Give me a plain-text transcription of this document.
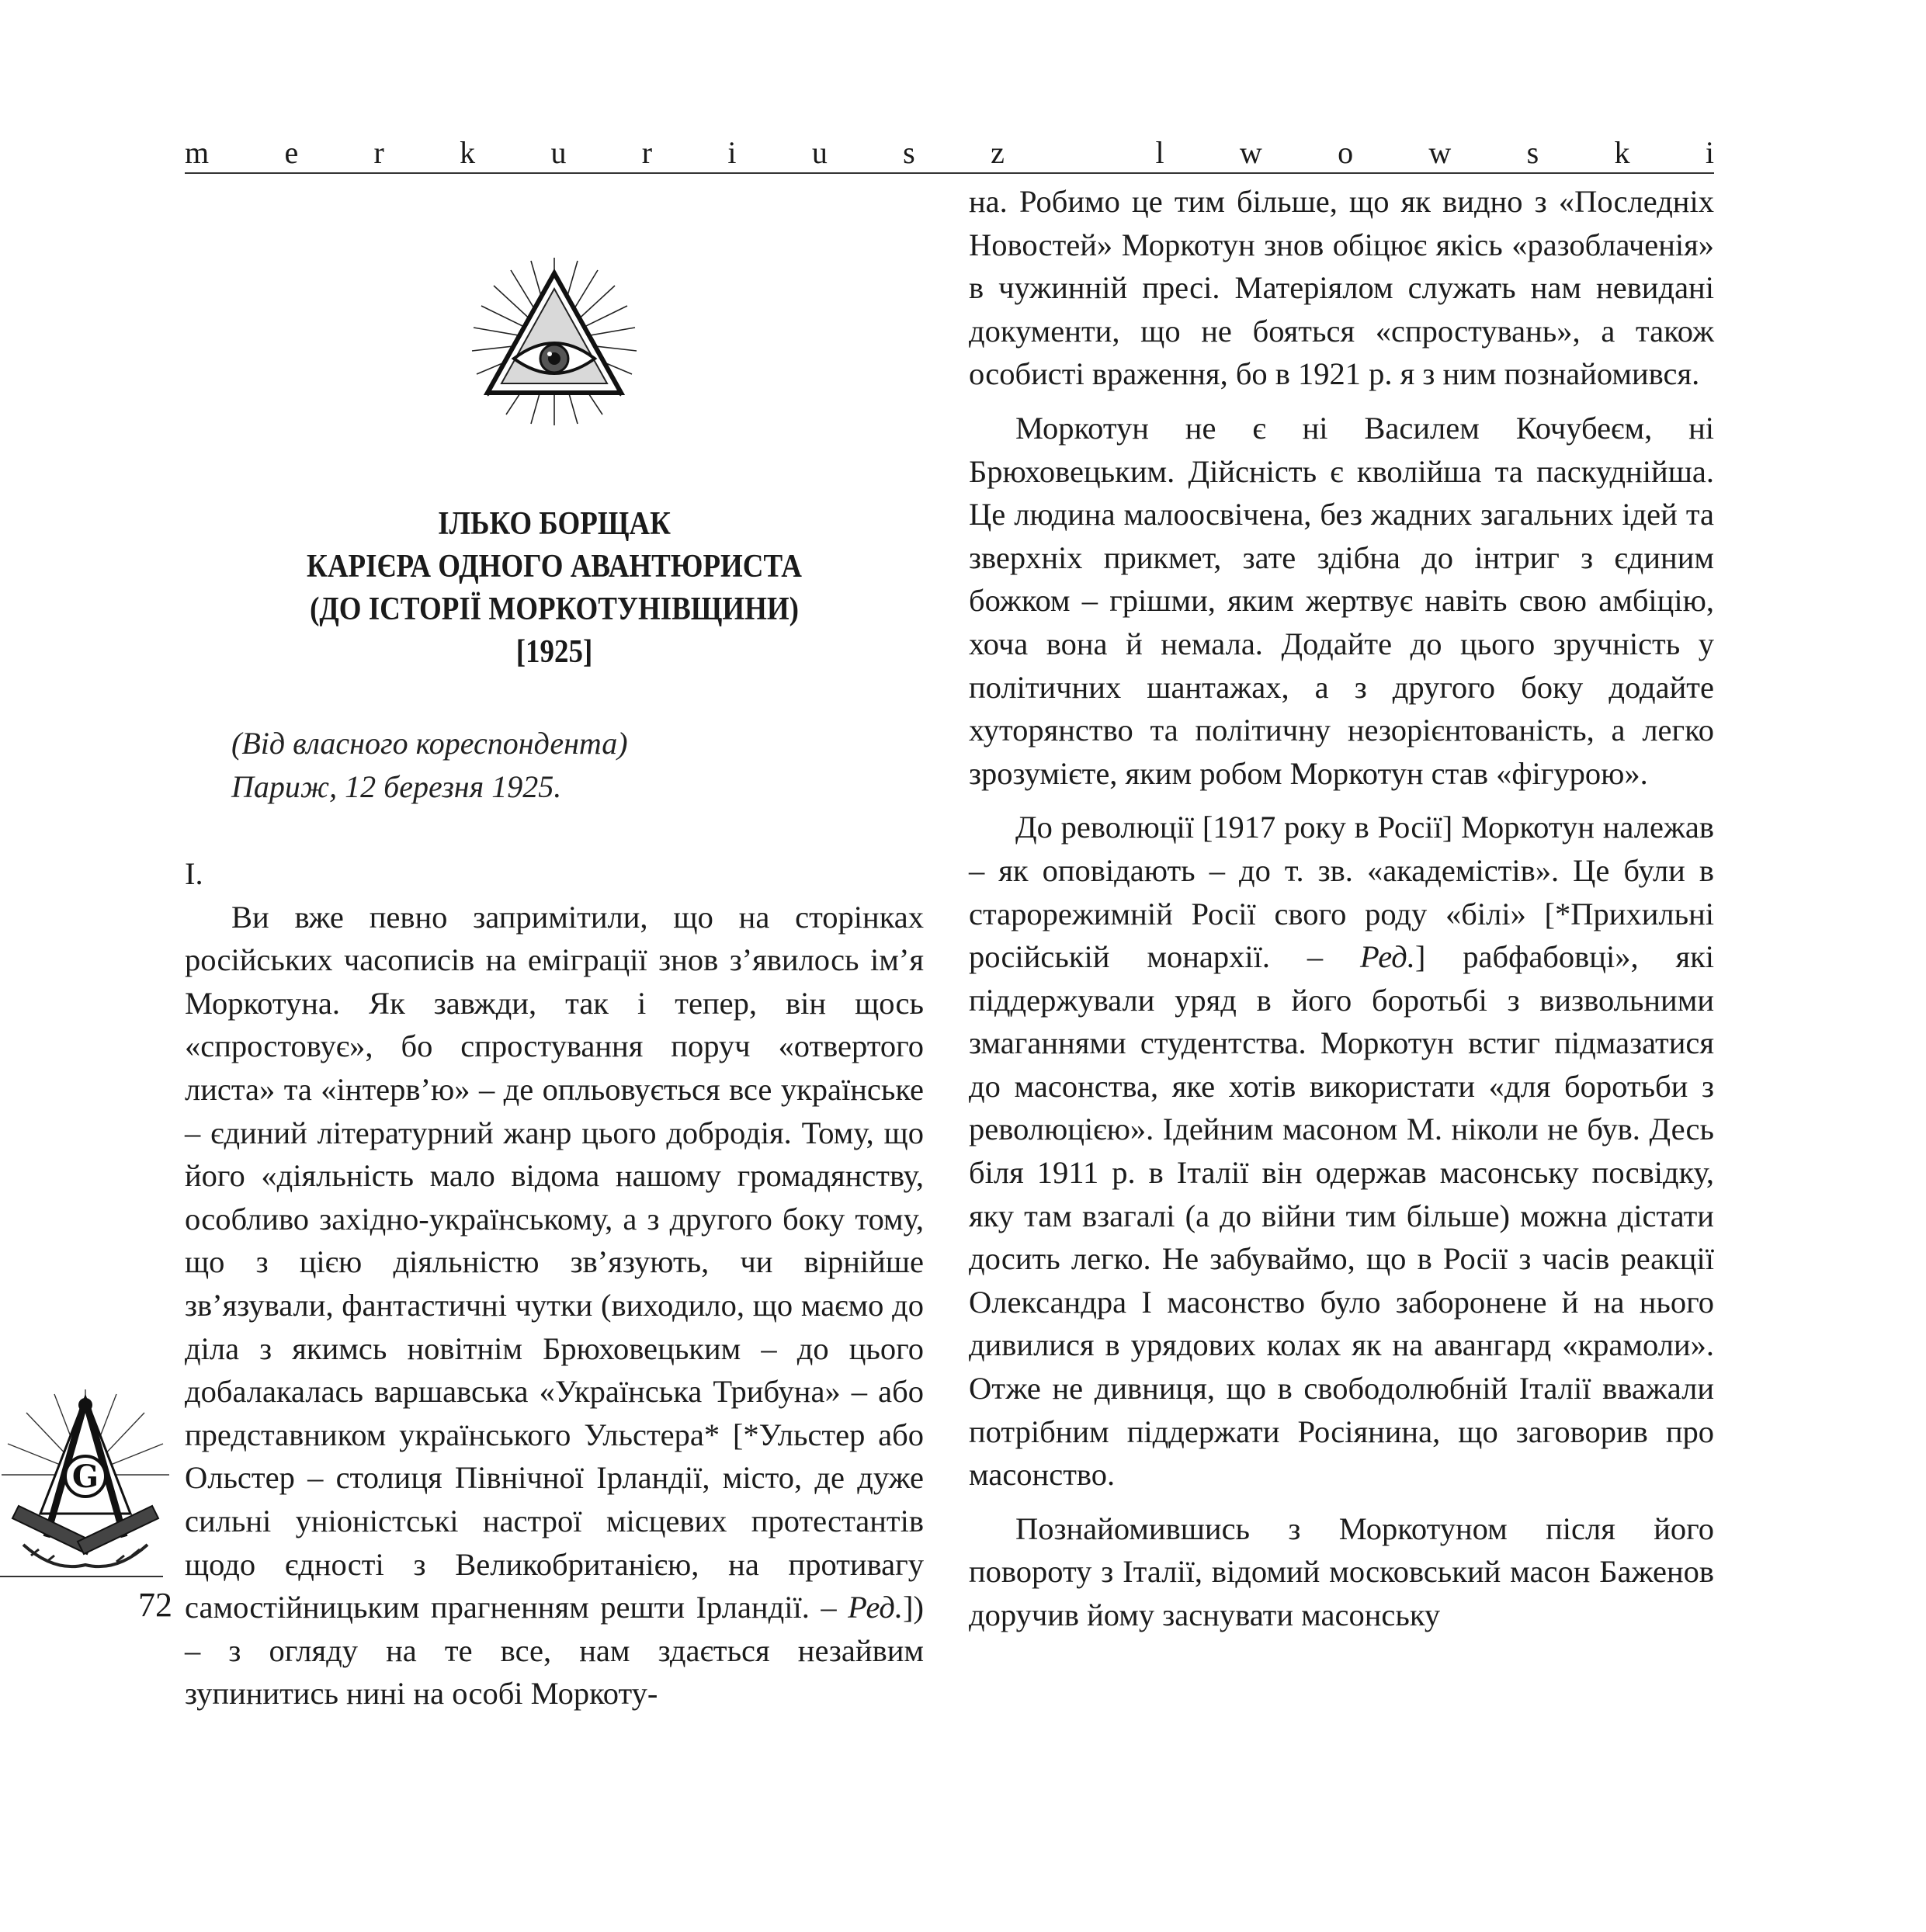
m e r k u r i u s z	l w o w s k i
ІЛЬКО БОРЩАК
КАРІЄРА ОДНОГО АВАНТЮРИСТА
(ДО ІСТОРІЇ МОРКОТУНІВЩИНИ)
[1925]
(Від власного кореспондента)
Париж, 12 березня 1925.

I.

Ви вже певно запримітили, що на сторінках російських часописів на еміграції знов з’явилось ім’я Моркотуна. Як завжди, так і тепер, він щось «спростовує», бо спростування поруч «отвертого листа» та «інтерв’ю» – де опльовується все українське – єдиний літературний жанр цього добродія. Тому, що його «діяльність мало відома нашому громадянству, особливо західно-українському, а з другого боку тому, що з цією діяльністю зв’язують, чи вірнійше зв’язували, фантастичні чутки (виходило, що маємо до діла з якимсь новітнім Брюховецьким – до цього добалакалась варшавська «Українська Трибуна» – або представником українського Ульстера* [*Ульстер або Ольстер – столиця Північної Ірландії, місто, де дуже сильні уніоністські настрої місцевих протестантів щодо єдності з Великобританією, на противагу самостійницьким прагненням решти Ірландії. – Ред.]) – з огляду на те все, нам здається незайвим зупинитись нині на особі Моркоту-

на. Робимо це тим більше, що як видно з «Последніх Новостей» Моркотун знов обіцює якісь «разоблаченія» в чужинній пресі. Матеріялом служать нам невидані документи, що не бояться «спростувань», а також особисті враження, бо в 1921 р. я з ним познайомився.

Моркотун не є ні Василем Кочубеєм, ні Брюховецьким. Дійсність є кволійша та паскуднійша. Це людина малоосвічена, без жадних загальних ідей та зверхніх прикмет, зате здібна до інтриг з єдиним божком – грішми, яким жертвує навіть свою амбіцію, хоча вона й немала. Додайте до цього зручність у політичних шантажах, а з другого боку додайте хуторянство та політичну незорієнтованість, а легко зрозумієте, яким робом Моркотун став «фігурою».

До революції [1917 року в Росії] Моркотун належав – як оповідають – до т. зв. «академістів». Це були в старорежимній Росії свого роду «білі» [*Прихильні російській монархії. – Ред.] рабфабовці», які піддержували уряд в його боротьбі з визвольними змаганнями студентства. Моркотун встиг підмазатися до масонства, яке хотів використати «для боротьби з революцією». Ідейним масоном М. ніколи не був. Десь біля 1911 р. в Італії він одержав масонську посвідку, яку там взагалі (а до війни тим більше) можна дістати досить легко. Не забуваймо, що в Росії з часів реакції Олександра І масонство було заборонене й на нього дивилися в урядових колах як на авангард «крамоли». Отже не дивниця, що в свободолюбній Італії вважали потрібним піддержати Росіянина, що заговорив про масонство.

Познайомившись з Моркотуном після його повороту з Італії, відомий московський масон Баженов доручив йому заснувати масонську

G
72
